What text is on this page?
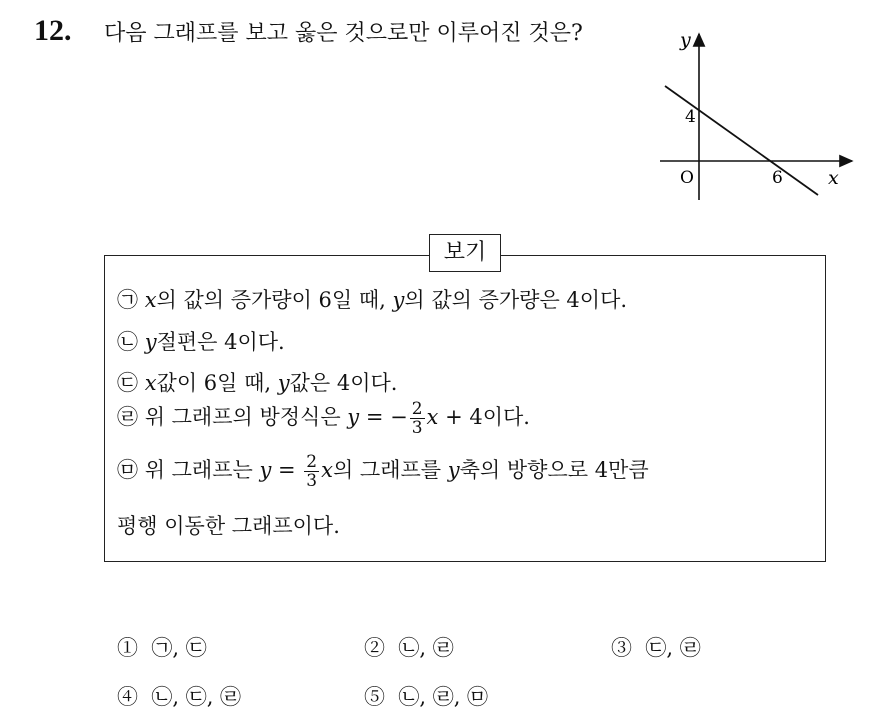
12. 다음 그래프를 보고 옳은 것으로만 이루어진 것은?	y
x
O
4
6
보기
㉠ x의 값의 증가량이 6일 때, y의 값의 증가량은 4이다.
㉡ y절편은 4이다.
㉢ x값이 6일 때, y값은 4이다.
㉣ 위 그래프의 방정식은 y = − $\frac{2}{3}$ x + 4이다.
㉤ 위 그래프는 $y = \frac{2}{3}$ x의 그래프를 y축의 방향으로 4만큼
평행 이동한 그래프이다.
① ㉠, ㉢	② ㉡, ㉣	③ ㉢, ㉣
④ ㉡, ㉢, ㉣	⑤ ㉡, ㉣, ㉤
